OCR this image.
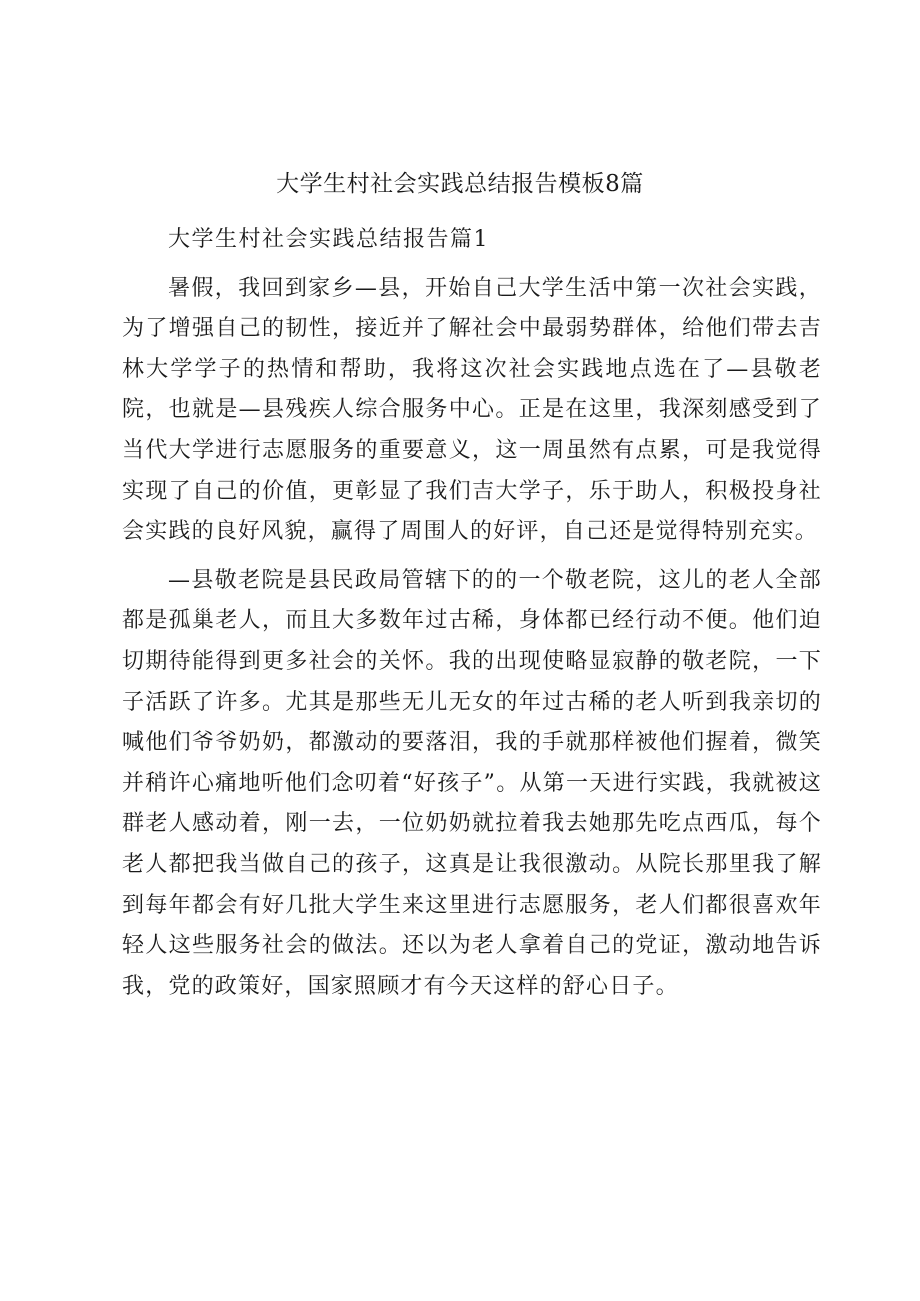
大学生村社会实践总结报告模板8篇

大学生村社会实践总结报告篇1

暑假，我回到家乡—县，开始自己大学生活中第一次社会实践，为了增强自己的韧性，接近并了解社会中最弱势群体，给他们带去吉林大学学子的热情和帮助，我将这次社会实践地点选在了—县敬老院，也就是—县残疾人综合服务中心。正是在这里，我深刻感受到了当代大学进行志愿服务的重要意义，这一周虽然有点累，可是我觉得实现了自己的价值，更彰显了我们吉大学子，乐于助人，积极投身社会实践的良好风貌，赢得了周围人的好评，自己还是觉得特别充实。

—县敬老院是县民政局管辖下的的一个敬老院，这儿的老人全部都是孤巢老人，而且大多数年过古稀，身体都已经行动不便。他们迫切期待能得到更多社会的关怀。我的出现使略显寂静的敬老院，一下子活跃了许多。尤其是那些无儿无女的年过古稀的老人听到我亲切的喊他们爷爷奶奶，都激动的要落泪，我的手就那样被他们握着，微笑并稍许心痛地听他们念叨着“好孩子”。从第一天进行实践，我就被这群老人感动着，刚一去，一位奶奶就拉着我去她那先吃点西瓜，每个老人都把我当做自己的孩子，这真是让我很激动。从院长那里我了解到每年都会有好几批大学生来这里进行志愿服务，老人们都很喜欢年轻人这些服务社会的做法。还以为老人拿着自己的党证，激动地告诉我，党的政策好，国家照顾才有今天这样的舒心日子。
